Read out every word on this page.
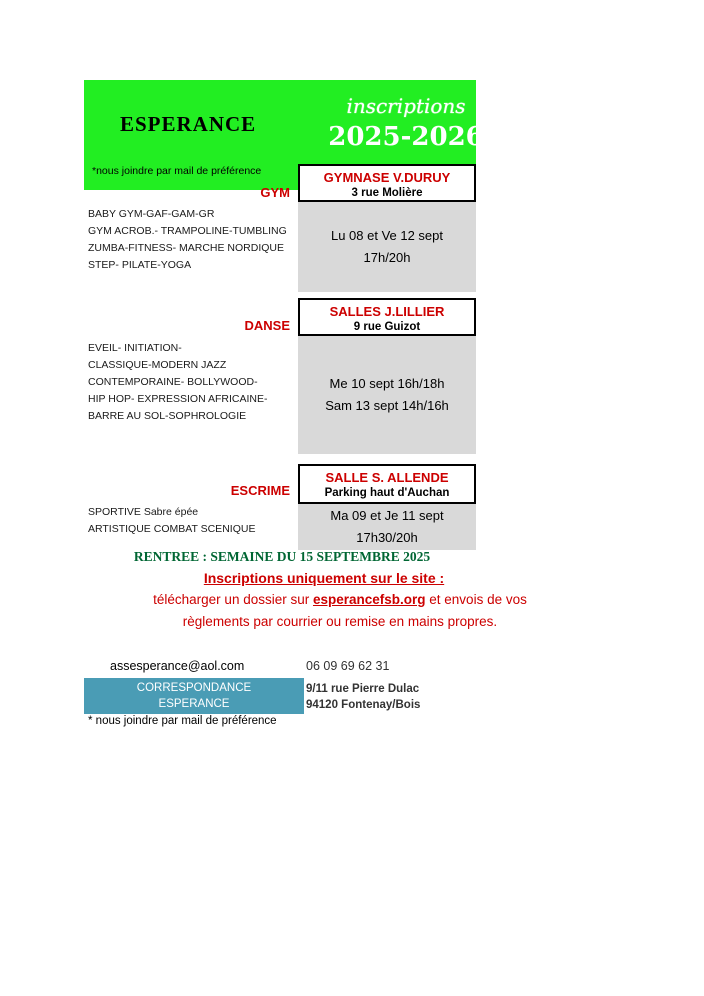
ESPERANCE
inscriptions
2025-2026
*nous joindre par mail de préférence
GYM
BABY GYM-GAF-GAM-GR
GYM ACROB.- TRAMPOLINE-TUMBLING
ZUMBA-FITNESS- MARCHE NORDIQUE
STEP- PILATE-YOGA
GYMNASE V.DURUY
3 rue Molière
Lu 08 et Ve 12 sept
17h/20h
DANSE
EVEIL- INITIATION-
CLASSIQUE-MODERN JAZZ
CONTEMPORAINE- BOLLYWOOD-
HIP HOP- EXPRESSION AFRICAINE-
BARRE AU SOL-SOPHROLOGIE
SALLES J.LILLIER
9 rue Guizot
Me 10 sept 16h/18h
Sam 13 sept 14h/16h
ESCRIME
SPORTIVE Sabre épée
ARTISTIQUE COMBAT SCENIQUE
SALLE S. ALLENDE
Parking haut d'Auchan
Ma 09 et Je 11 sept
17h30/20h
RENTREE : SEMAINE DU 15 SEPTEMBRE 2025
Inscriptions uniquement sur le site :
télécharger un dossier sur esperancefsb.org et envois de vos
règlements par courrier ou remise en mains propres.
assesperance@aol.com
CORRESPONDANCE
ESPERANCE
06 09 69 62 31
9/11 rue Pierre Dulac
94120 Fontenay/Bois
* nous joindre par mail de préférence
